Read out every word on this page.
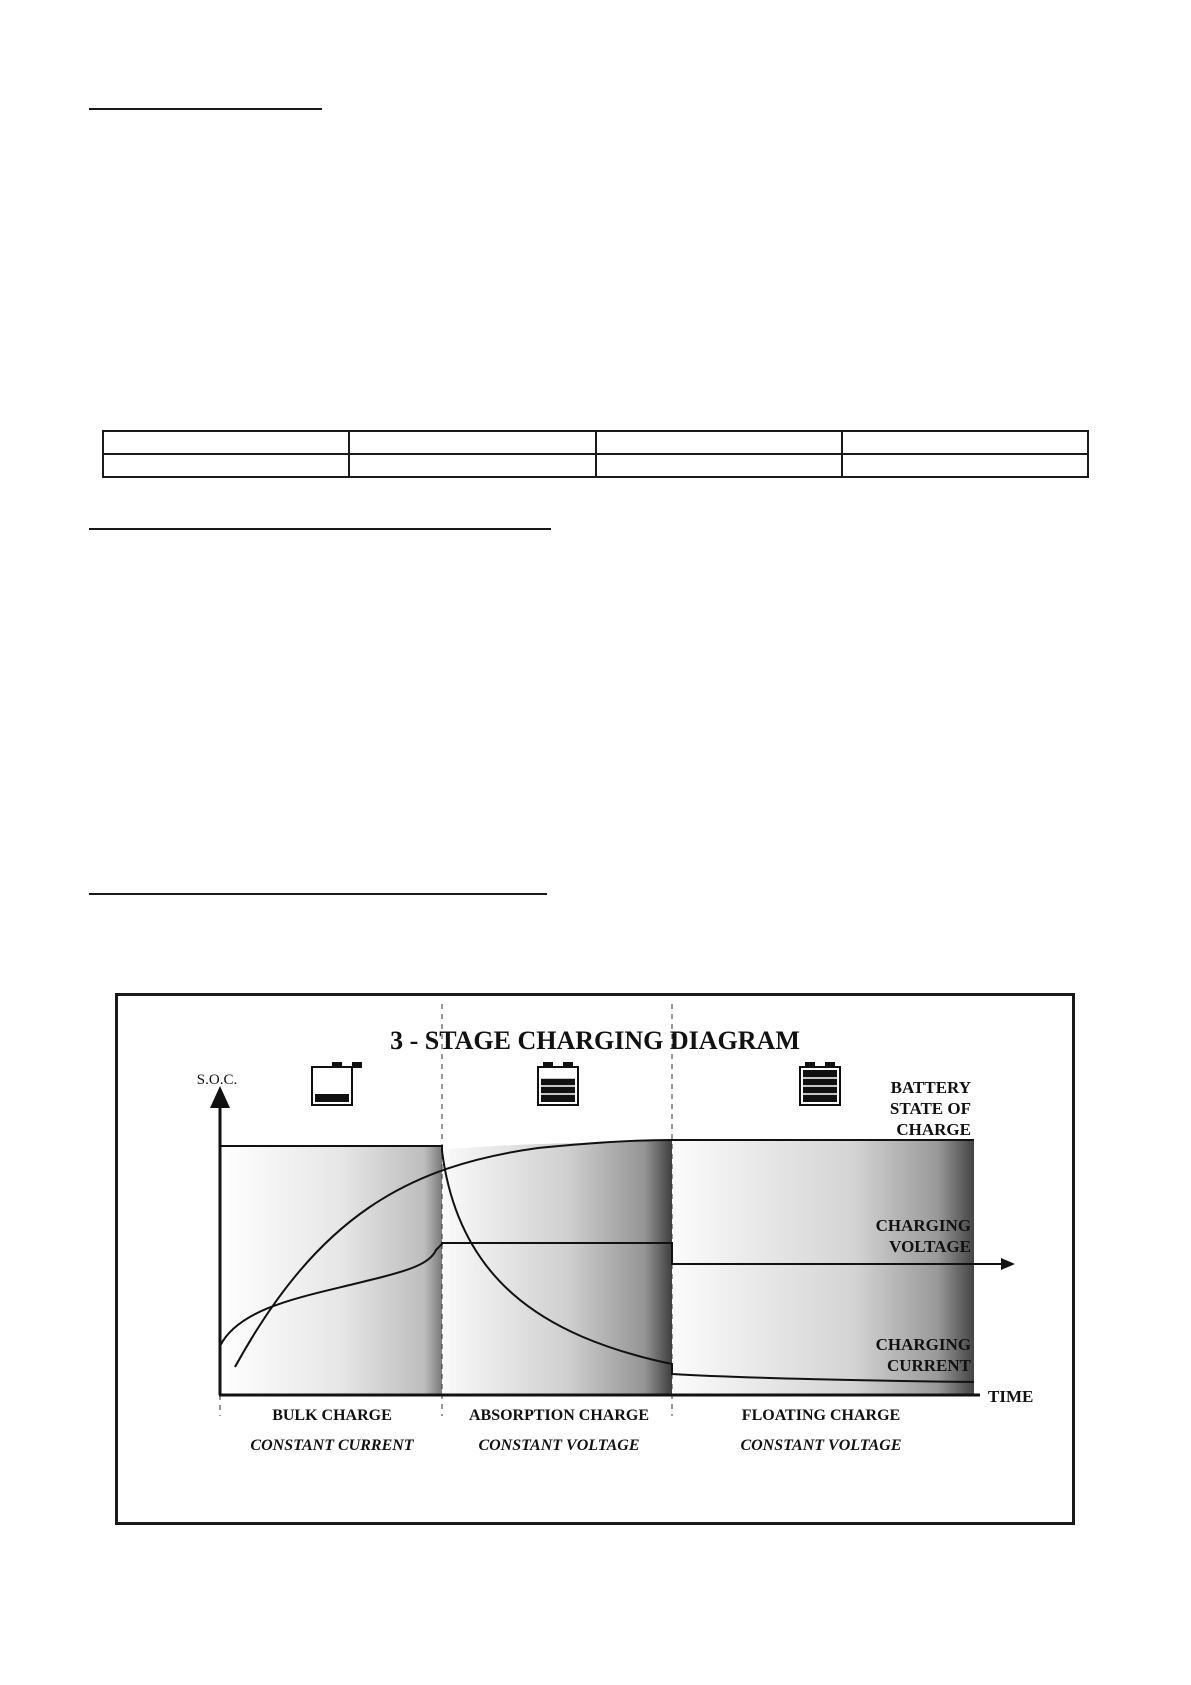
3 - STAGE CHARGING DIAGRAM
S.O.C.
TIME
BATTERY
STATE OF
CHARGE
CHARGING
VOLTAGE
CHARGING
CURRENT
BULK CHARGE
CONSTANT CURRENT
ABSORPTION CHARGE
CONSTANT VOLTAGE
FLOATING CHARGE
CONSTANT VOLTAGE
